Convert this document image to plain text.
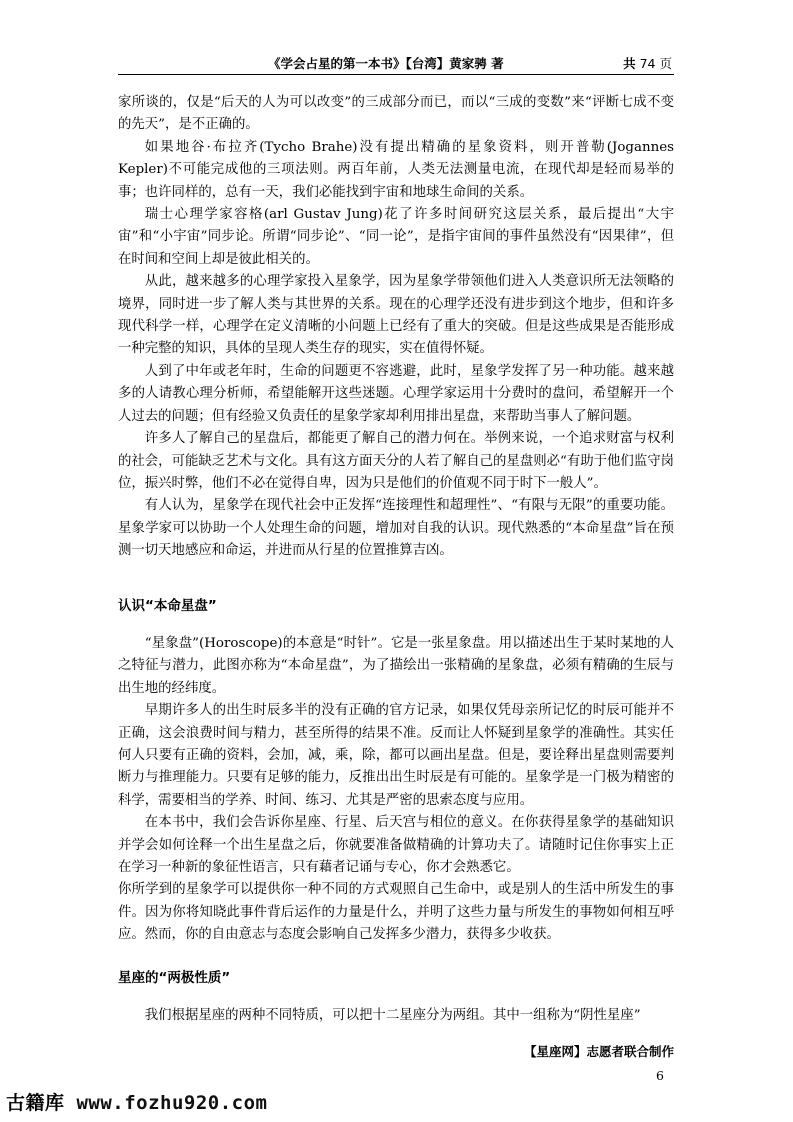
《学会占星的第一本书》【台湾】黄家骋 著	共 74 页

家所谈的，仅是“后天的人为可以改变”的三成部分而已，而以“三成的变数”来“评断七成不变的先天”，是不正确的。

如果地谷·布拉齐(Tycho Brahe)没有提出精确的星象资料，则开普勒(Jogannes Kepler)不可能完成他的三项法则。两百年前，人类无法测量电流，在现代却是轻而易举的事；也许同样的，总有一天，我们必能找到宇宙和地球生命间的关系。

瑞士心理学家容格(arl Gustav Jung)花了许多时间研究这层关系，最后提出“大宇宙”和“小宇宙”同步论。所谓“同步论”、“同一论”，是指宇宙间的事件虽然没有“因果律”，但在时间和空间上却是彼此相关的。

从此，越来越多的心理学家投入星象学，因为星象学带领他们进入人类意识所无法领略的境界，同时进一步了解人类与其世界的关系。现在的心理学还没有进步到这个地步，但和许多现代科学一样，心理学在定义清晰的小问题上已经有了重大的突破。但是这些成果是否能形成一种完整的知识，具体的呈现人类生存的现实，实在值得怀疑。

人到了中年或老年时，生命的问题更不容逃避，此时，星象学发挥了另一种功能。越来越多的人请教心理分析师，希望能解开这些迷题。心理学家运用十分费时的盘问，希望解开一个人过去的问题；但有经验又负责任的星象学家却利用排出星盘，来帮助当事人了解问题。

许多人了解自己的星盘后，都能更了解自己的潜力何在。举例来说，一个追求财富与权利的社会，可能缺乏艺术与文化。具有这方面天分的人若了解自己的星盘则必“有助于他们监守岗位，振兴时弊，他们不必在觉得自卑，因为只是他们的价值观不同于时下一般人”。

有人认为，星象学在现代社会中正发挥“连接理性和超理性”、“有限与无限”的重要功能。星象学家可以协助一个人处理生命的问题，增加对自我的认识。现代熟悉的“本命星盘”旨在预测一切天地感应和命运，并进而从行星的位置推算吉凶。

认识“本命星盘”

“星象盘”(Horoscope)的本意是“时针”。它是一张星象盘。用以描述出生于某时某地的人之特征与潜力，此图亦称为“本命星盘”，为了描绘出一张精确的星象盘，必须有精确的生辰与出生地的经纬度。

早期许多人的出生时辰多半的没有正确的官方记录，如果仅凭母亲所记忆的时辰可能并不正确，这会浪费时间与精力，甚至所得的结果不准。反而让人怀疑到星象学的准确性。其实任何人只要有正确的资料，会加，减，乘，除，都可以画出星盘。但是，要诠释出星盘则需要判断力与推理能力。只要有足够的能力，反推出出生时辰是有可能的。星象学是一门极为精密的科学，需要相当的学养、时间、练习、尤其是严密的思索态度与应用。

在本书中，我们会告诉你星座、行星、后天宫与相位的意义。在你获得星象学的基础知识并学会如何诠释一个出生星盘之后，你就要准备做精确的计算功夫了。请随时记住你事实上正在学习一种新的象征性语言，只有藉者记诵与专心，你才会熟悉它。

你所学到的星象学可以提供你一种不同的方式观照自己生命中，或是别人的生活中所发生的事件。因为你将知晓此事件背后运作的力量是什么，并明了这些力量与所发生的事物如何相互呼应。然而，你的自由意志与态度会影响自己发挥多少潜力，获得多少收获。

星座的“两极性质”

我们根据星座的两种不同特质，可以把十二星座分为两组。其中一组称为“阴性星座”

【星座网】志愿者联合制作
6
古籍库 www.fozhu920.com
